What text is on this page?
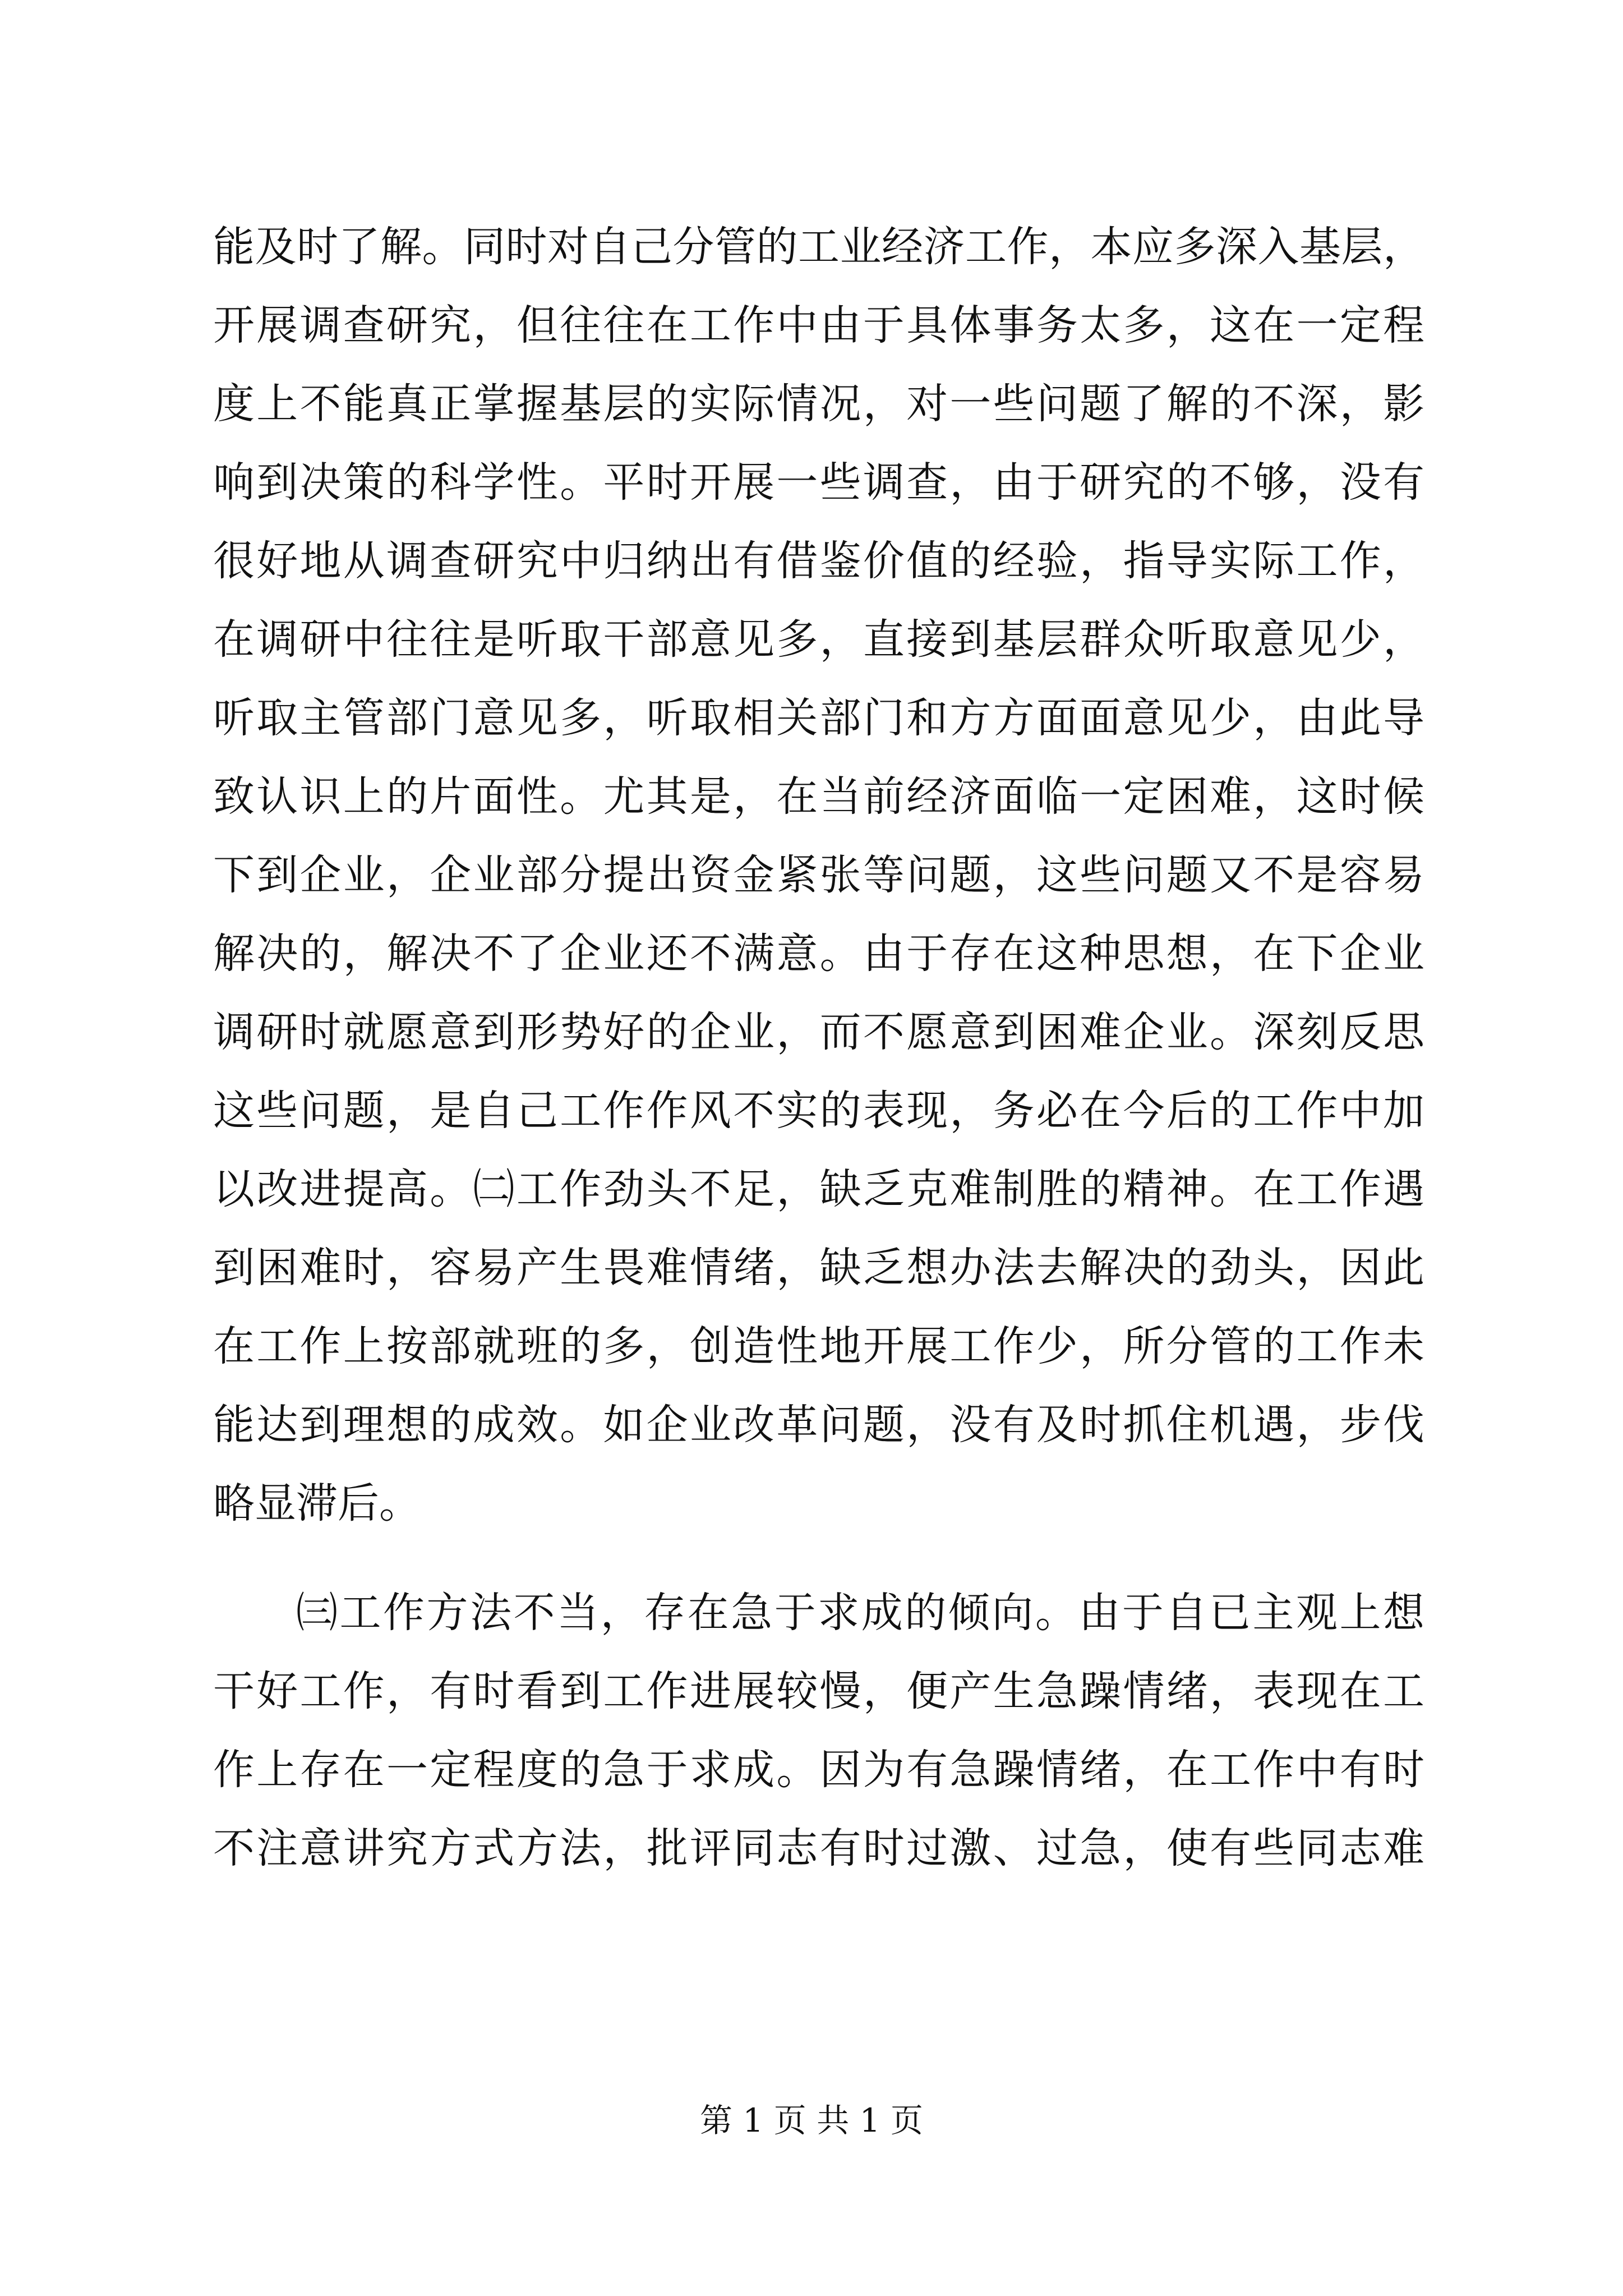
能及时了解。同时对自己分管的工业经济工作，本应多深入基层，
开展调查研究，但往往在工作中由于具体事务太多，这在一定程
度上不能真正掌握基层的实际情况，对一些问题了解的不深，影
响到决策的科学性。平时开展一些调查，由于研究的不够，没有
很好地从调查研究中归纳出有借鉴价值的经验，指导实际工作，
在调研中往往是听取干部意见多，直接到基层群众听取意见少，
听取主管部门意见多，听取相关部门和方方面面意见少，由此导
致认识上的片面性。尤其是，在当前经济面临一定困难，这时候
下到企业，企业部分提出资金紧张等问题，这些问题又不是容易
解决的，解决不了企业还不满意。由于存在这种思想，在下企业
调研时就愿意到形势好的企业，而不愿意到困难企业。深刻反思
这些问题，是自己工作作风不实的表现，务必在今后的工作中加
以改进提高。㈡工作劲头不足，缺乏克难制胜的精神。在工作遇
到困难时，容易产生畏难情绪，缺乏想办法去解决的劲头，因此
在工作上按部就班的多，创造性地开展工作少，所分管的工作未
能达到理想的成效。如企业改革问题，没有及时抓住机遇，步伐
略显滞后。
㈢工作方法不当，存在急于求成的倾向。由于自已主观上想
干好工作，有时看到工作进展较慢，便产生急躁情绪，表现在工
作上存在一定程度的急于求成。因为有急躁情绪，在工作中有时
不注意讲究方式方法，批评同志有时过激、过急，使有些同志难
第 1 页 共 1 页
